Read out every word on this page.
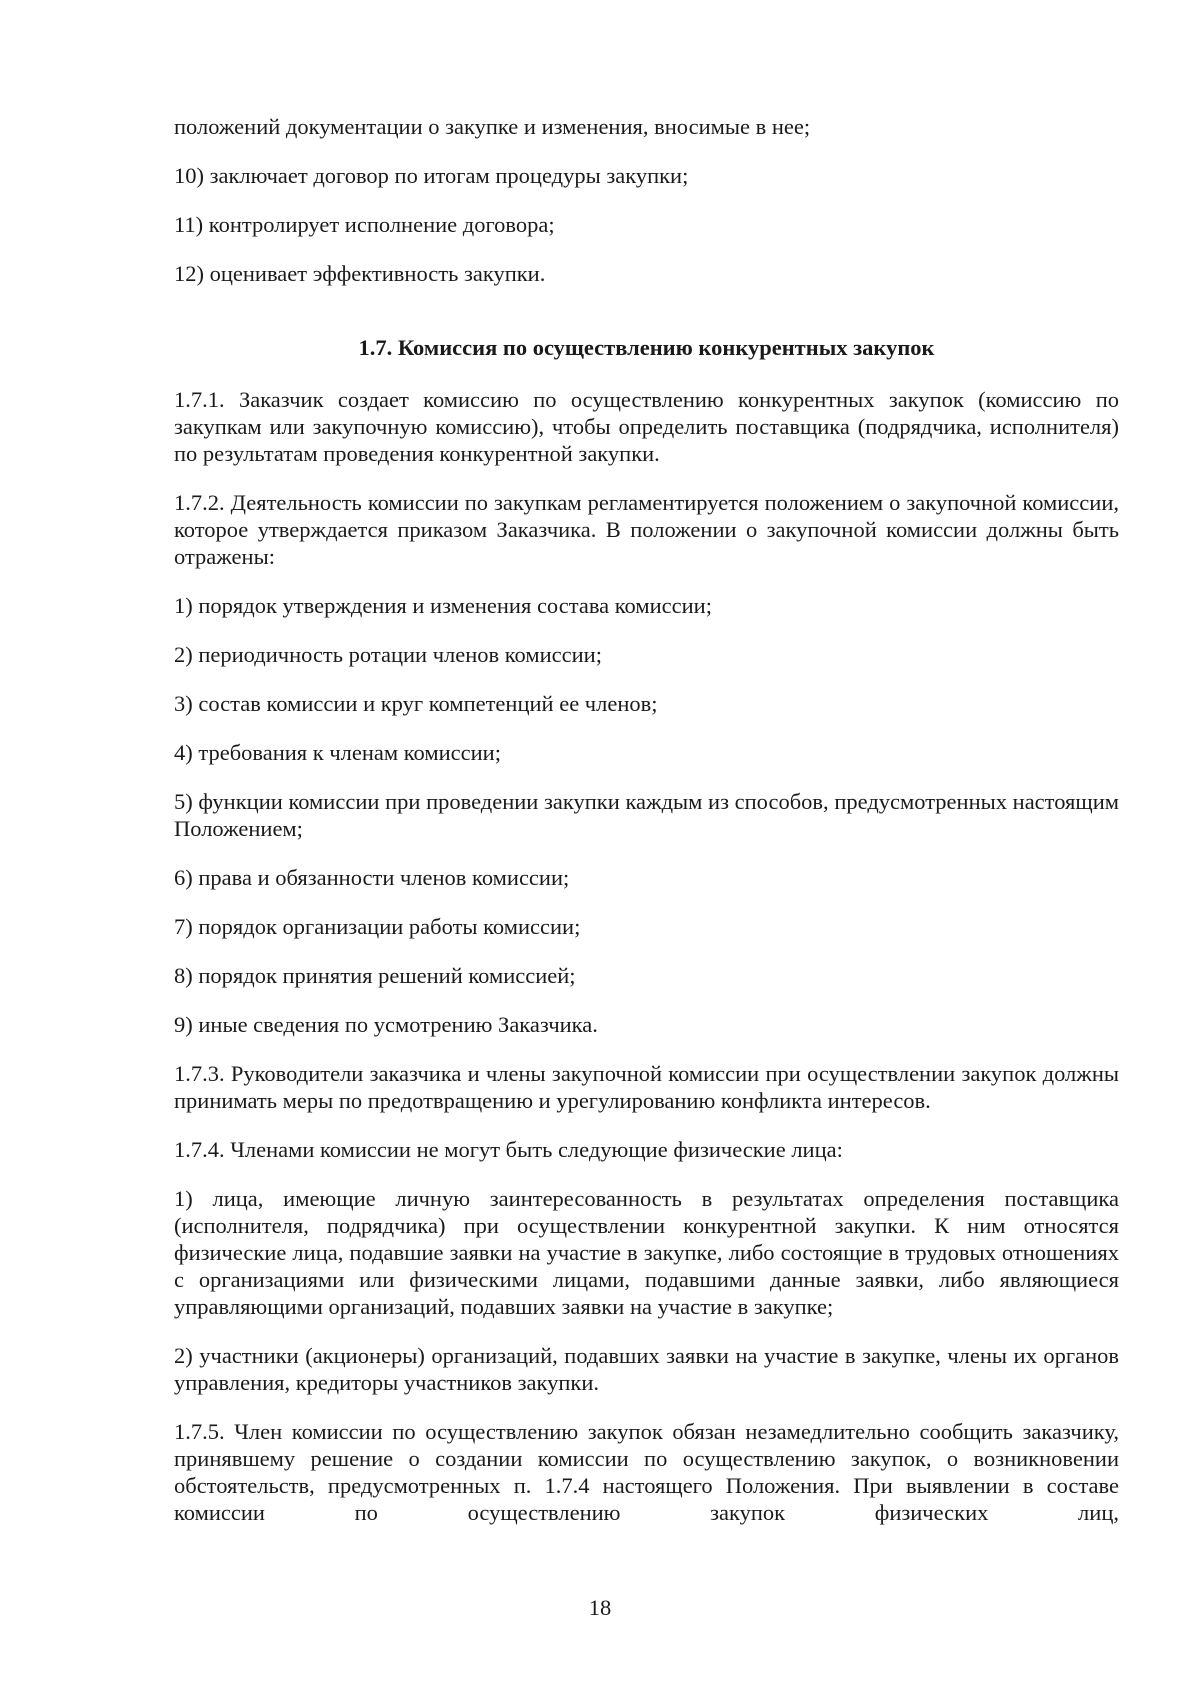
положений документации о закупке и изменения, вносимые в нее;
10) заключает договор по итогам процедуры закупки;
11) контролирует исполнение договора;
12) оценивает эффективность закупки.
1.7. Комиссия по осуществлению конкурентных закупок
1.7.1. Заказчик создает комиссию по осуществлению конкурентных закупок (комиссию по закупкам или закупочную комиссию), чтобы определить поставщика (подрядчика, исполнителя) по результатам проведения конкурентной закупки.
1.7.2. Деятельность комиссии по закупкам регламентируется положением о закупочной комиссии, которое утверждается приказом Заказчика. В положении о закупочной комиссии должны быть отражены:
1) порядок утверждения и изменения состава комиссии;
2) периодичность ротации членов комиссии;
3) состав комиссии и круг компетенций ее членов;
4) требования к членам комиссии;
5) функции комиссии при проведении закупки каждым из способов, предусмотренных настоящим Положением;
6) права и обязанности членов комиссии;
7) порядок организации работы комиссии;
8) порядок принятия решений комиссией;
9) иные сведения по усмотрению Заказчика.
1.7.3. Руководители заказчика и члены закупочной комиссии при осуществлении закупок должны принимать меры по предотвращению и урегулированию конфликта интересов.
1.7.4. Членами комиссии не могут быть следующие физические лица:
1) лица, имеющие личную заинтересованность в результатах определения поставщика (исполнителя, подрядчика) при осуществлении конкурентной закупки. К ним относятся физические лица, подавшие заявки на участие в закупке, либо состоящие в трудовых отношениях с организациями или физическими лицами, подавшими данные заявки, либо являющиеся управляющими организаций, подавших заявки на участие в закупке;
2) участники (акционеры) организаций, подавших заявки на участие в закупке, члены их органов управления, кредиторы участников закупки.
1.7.5. Член комиссии по осуществлению закупок обязан незамедлительно сообщить заказчику, принявшему решение о создании комиссии по осуществлению закупок, о возникновении обстоятельств, предусмотренных п. 1.7.4 настоящего Положения. При выявлении в составе комиссии по осуществлению закупок физических лиц,
18
